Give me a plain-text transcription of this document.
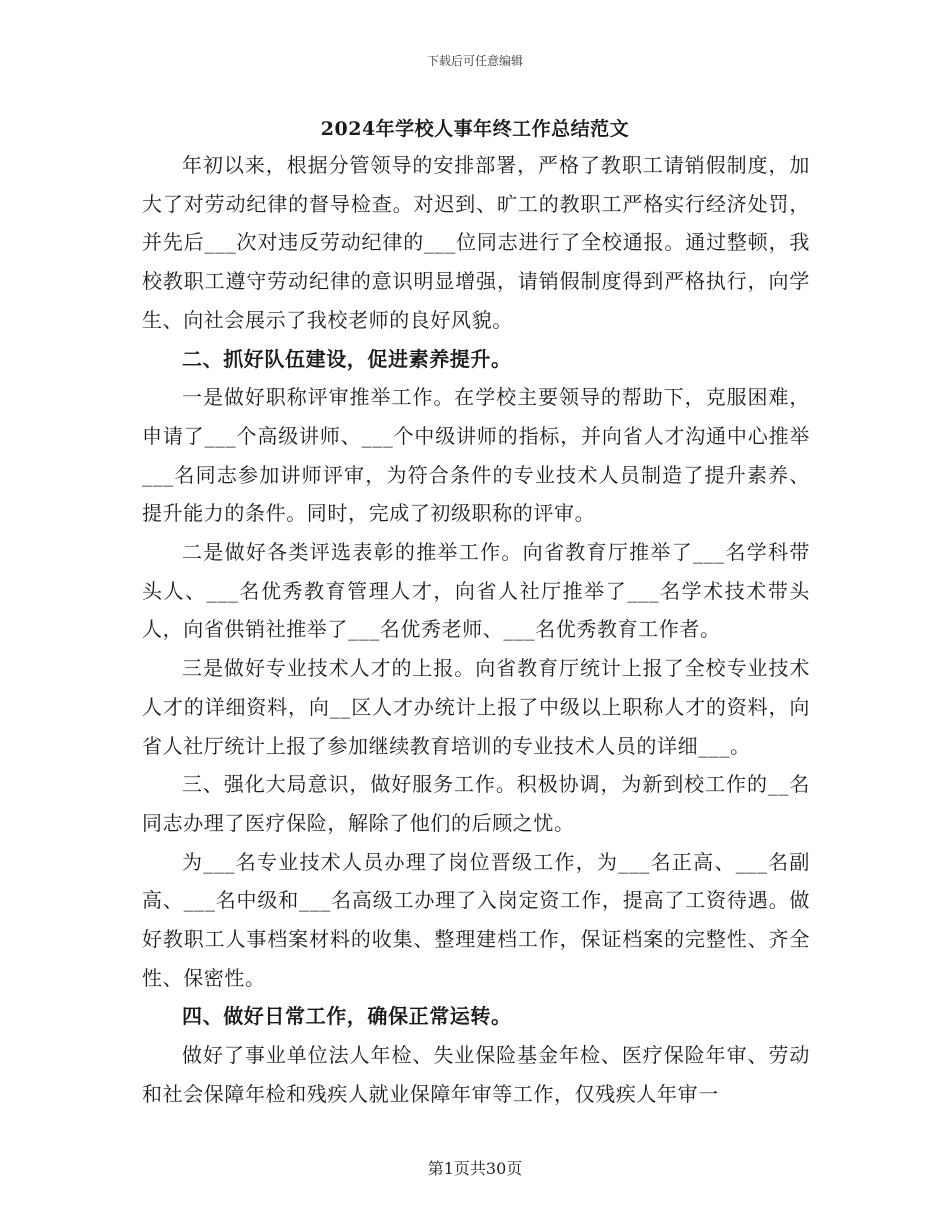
下载后可任意编辑
2024年学校人事年终工作总结范文

年初以来，根据分管领导的安排部署，严格了教职工请销假制度，加大了对劳动纪律的督导检查。对迟到、旷工的教职工严格实行经济处罚，并先后___次对违反劳动纪律的___位同志进行了全校通报。通过整顿，我校教职工遵守劳动纪律的意识明显增强，请销假制度得到严格执行，向学生、向社会展示了我校老师的良好风貌。

二、抓好队伍建设，促进素养提升。

一是做好职称评审推举工作。在学校主要领导的帮助下，克服困难，申请了___个高级讲师、___个中级讲师的指标，并向省人才沟通中心推举___名同志参加讲师评审，为符合条件的专业技术人员制造了提升素养、提升能力的条件。同时，完成了初级职称的评审。

二是做好各类评选表彰的推举工作。向省教育厅推举了___名学科带头人、___名优秀教育管理人才，向省人社厅推举了___名学术技术带头人，向省供销社推举了___名优秀老师、___名优秀教育工作者。

三是做好专业技术人才的上报。向省教育厅统计上报了全校专业技术人才的详细资料，向__区人才办统计上报了中级以上职称人才的资料，向省人社厅统计上报了参加继续教育培训的专业技术人员的详细___。

三、强化大局意识，做好服务工作。积极协调，为新到校工作的__名同志办理了医疗保险，解除了他们的后顾之忧。

为___名专业技术人员办理了岗位晋级工作，为___名正高、___名副高、___名中级和___名高级工办理了入岗定资工作，提高了工资待遇。做好教职工人事档案材料的收集、整理建档工作，保证档案的完整性、齐全性、保密性。

四、做好日常工作，确保正常运转。

做好了事业单位法人年检、失业保险基金年检、医疗保险年审、劳动和社会保障年检和残疾人就业保障年审等工作，仅残疾人年审一

第1页共30页
